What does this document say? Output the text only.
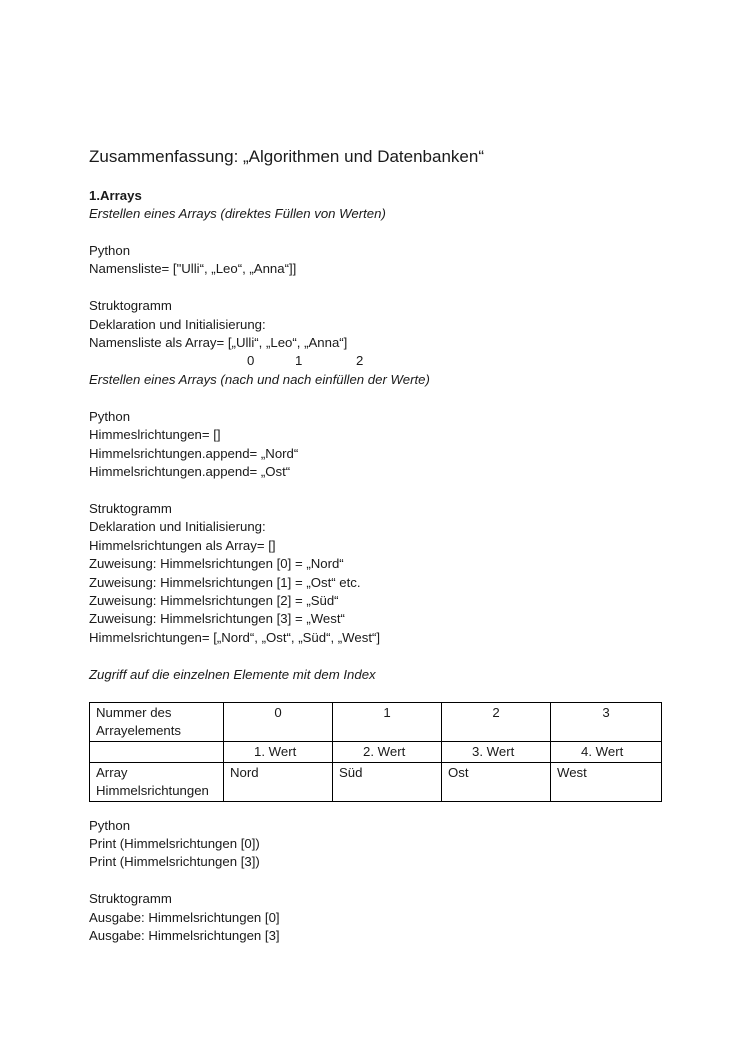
Zusammenfassung: „Algorithmen und Datenbanken“
1.Arrays
Erstellen eines Arrays (direktes Füllen von Werten)
Python
Namensliste= ["Ulli“, „Leo“, „Anna“]]
Struktogramm
Deklaration und Initialisierung:
Namensliste als Array= [„Ulli“, „Leo“, „Anna“]
0	1	2
Erstellen eines Arrays (nach und nach einfüllen der Werte)
Python
Himmeslrichtungen= []
Himmelsrichtungen.append= „Nord“
Himmelsrichtungen.append= „Ost“
Struktogramm
Deklaration und Initialisierung:
Himmelsrichtungen als Array= []
Zuweisung: Himmelsrichtungen [0] = „Nord“
Zuweisung: Himmelsrichtungen [1] = „Ost“ etc.
Zuweisung: Himmelsrichtungen [2] = „Süd“
Zuweisung: Himmelsrichtungen [3] = „West“
Himmelsrichtungen= [„Nord“, „Ost“, „Süd“, „West“]
Zugriff auf die einzelnen Elemente mit dem Index
Nummer des Arrayelements	0	1	2	3
	1. Wert	2. Wert	3. Wert	4. Wert
Array Himmelsrichtungen	Nord	Süd	Ost	West
Python
Print (Himmelsrichtungen [0])
Print (Himmelsrichtungen [3])
Struktogramm
Ausgabe: Himmelsrichtungen [0]
Ausgabe: Himmelsrichtungen [3]
